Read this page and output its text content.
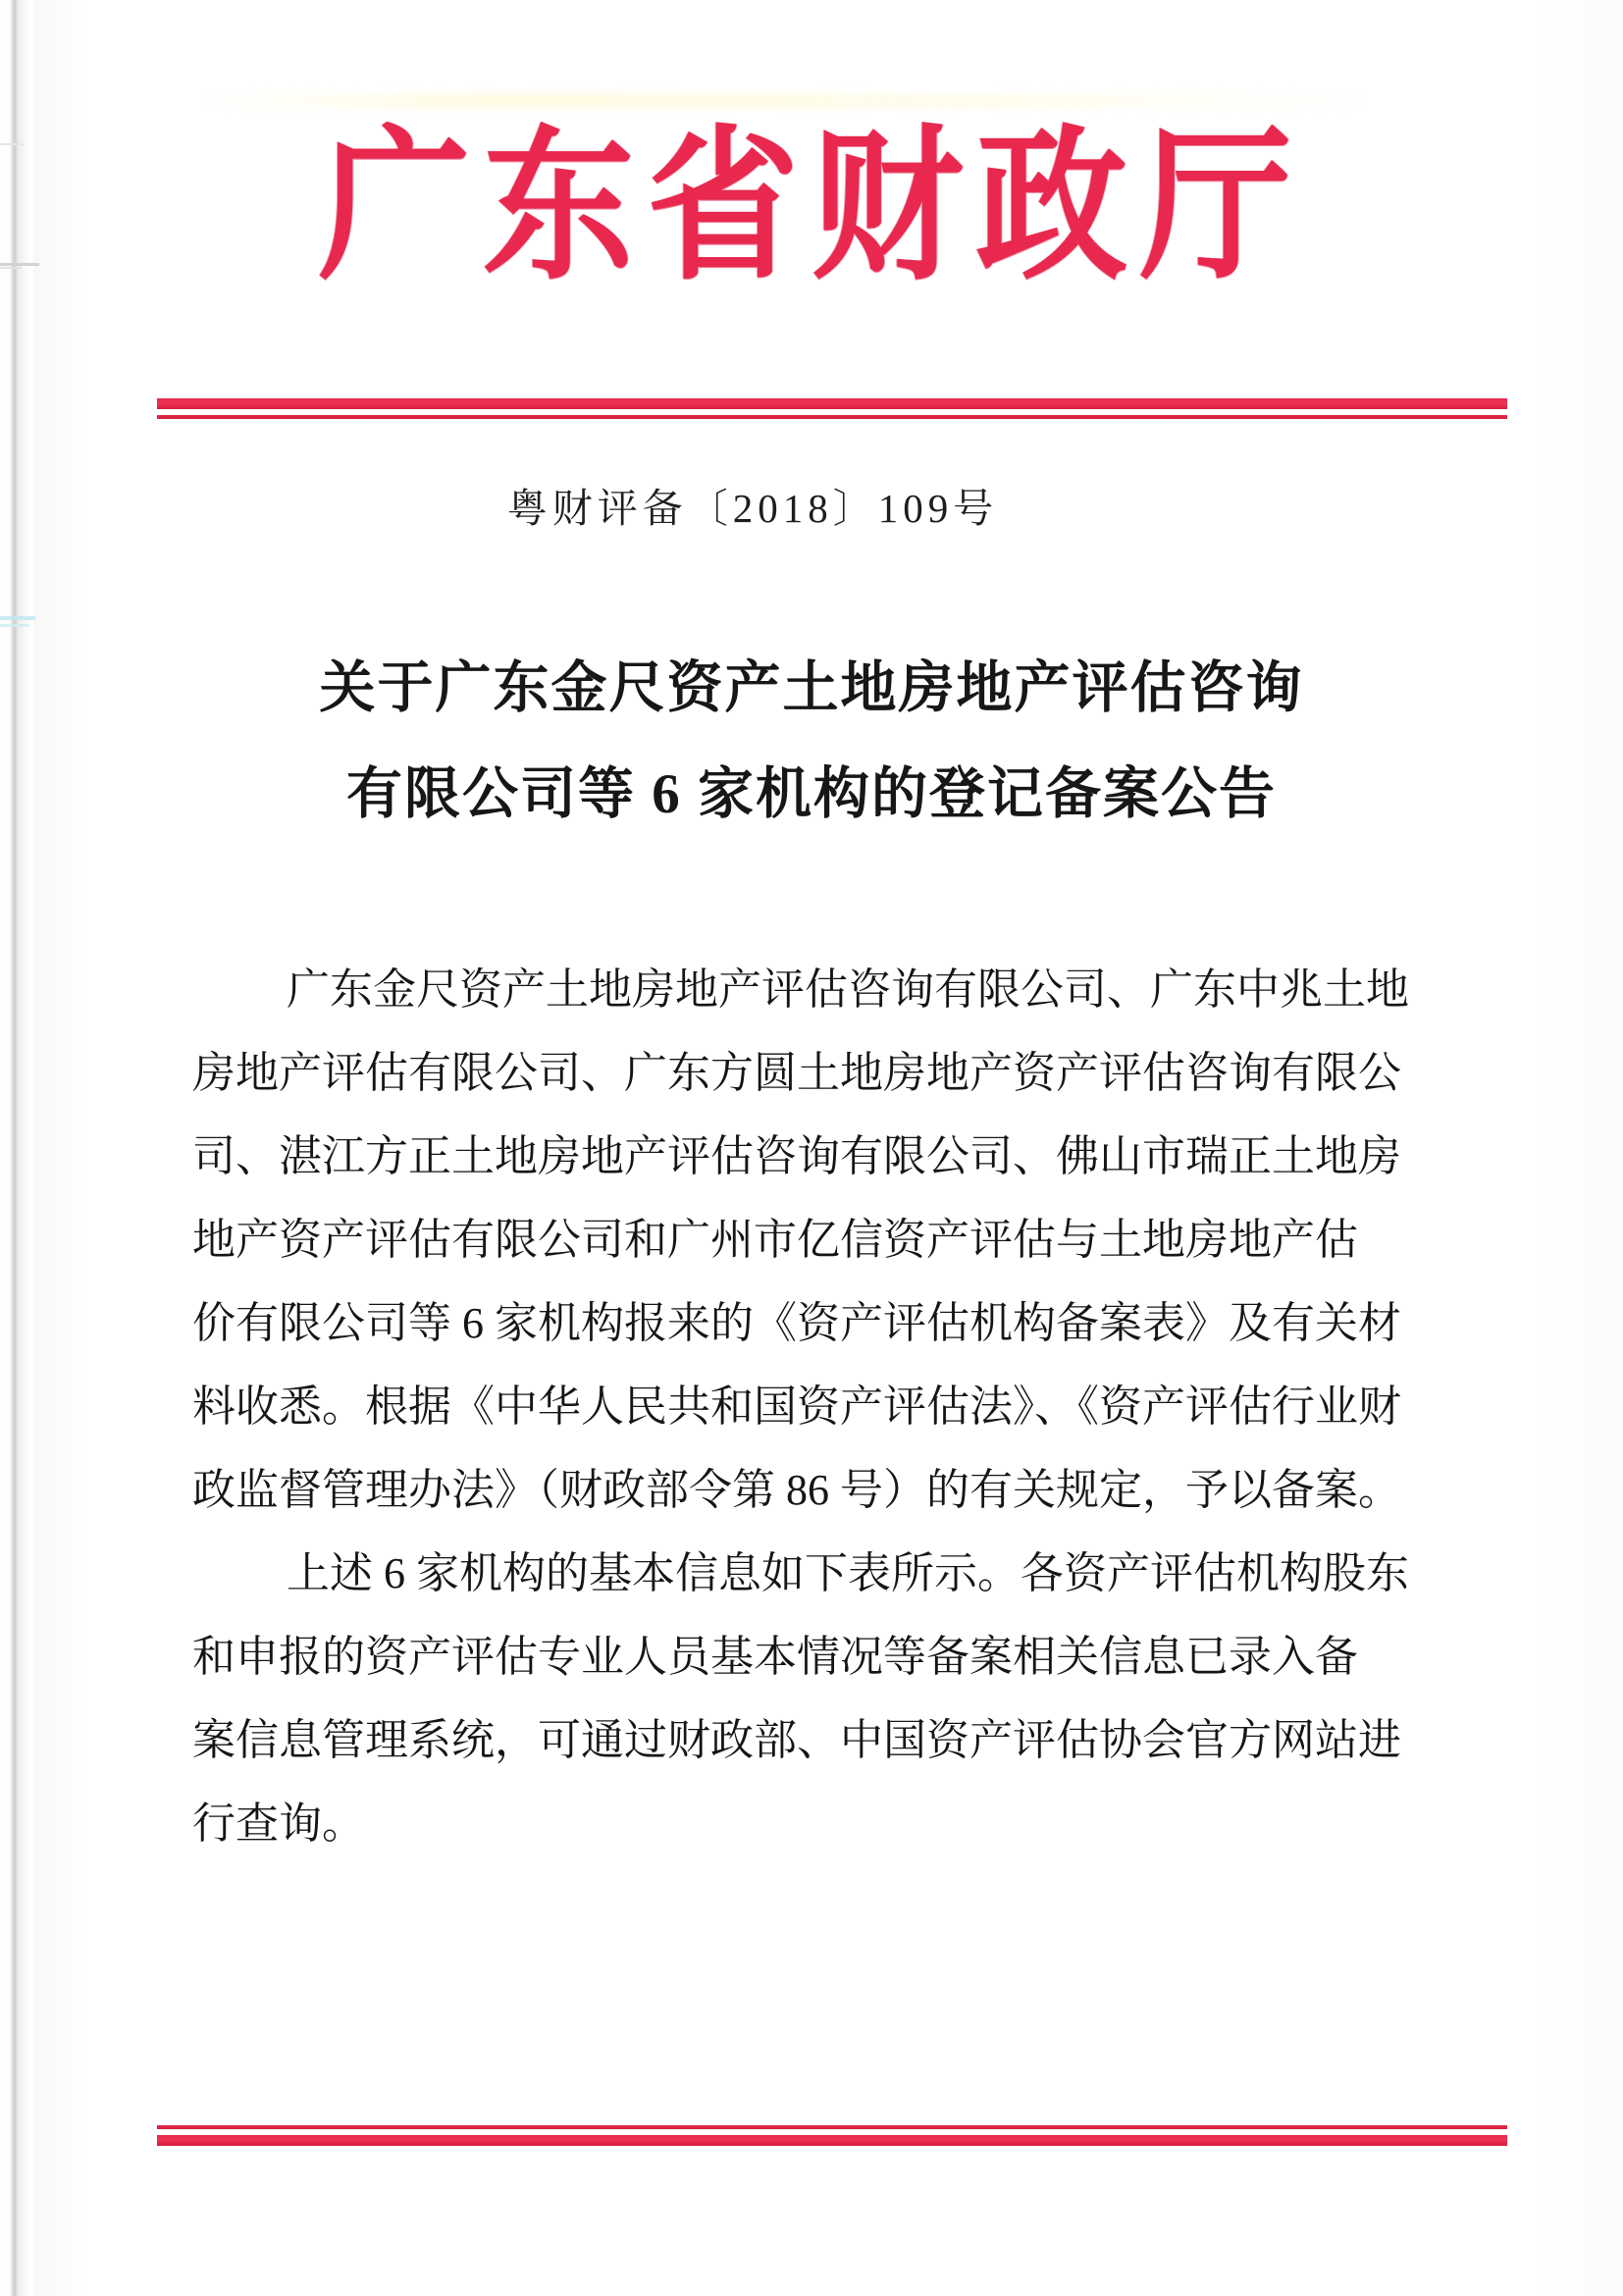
广东省财政厅
粤财评备〔2018〕109号
关于广东金尺资产土地房地产评估咨询
有限公司等 6 家机构的登记备案公告
广东金尺资产土地房地产评估咨询有限公司、广东中兆土地
房地产评估有限公司、广东方圆土地房地产资产评估咨询有限公
司、湛江方正土地房地产评估咨询有限公司、佛山市瑞正土地房
地产资产评估有限公司和广州市亿信资产评估与土地房地产估
价有限公司等 6 家机构报来的《资产评估机构备案表》及有关材
料收悉。根据《中华人民共和国资产评估法》、《资产评估行业财
政监督管理办法》（财政部令第 86 号）的有关规定，予以备案。
上述 6 家机构的基本信息如下表所示。各资产评估机构股东
和申报的资产评估专业人员基本情况等备案相关信息已录入备
案信息管理系统，可通过财政部、中国资产评估协会官方网站进
行查询。
